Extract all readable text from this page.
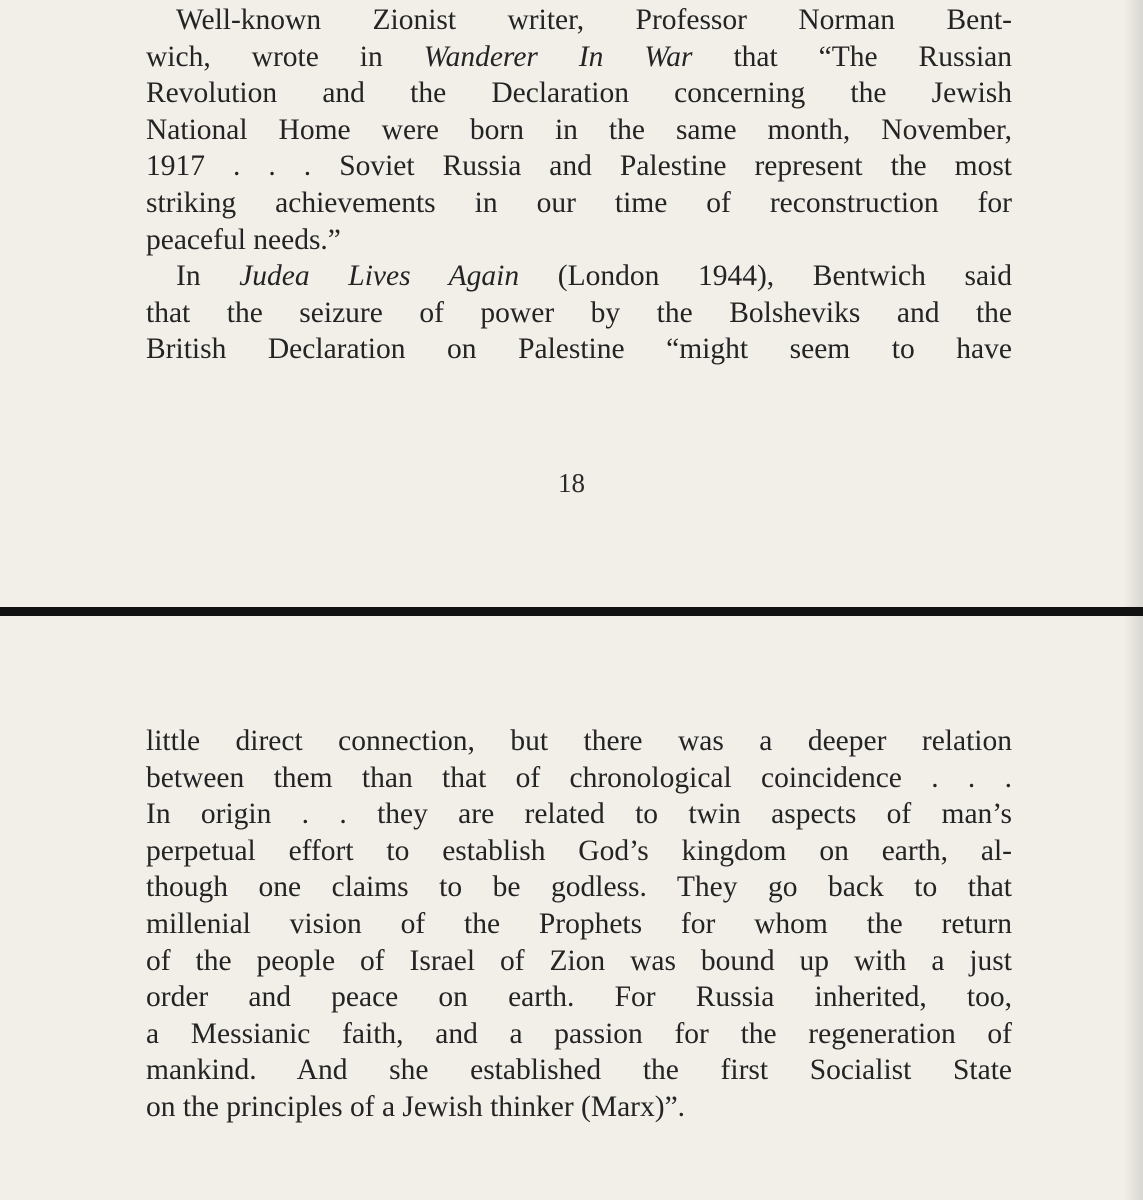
Well-known Zionist writer, Professor Norman Bent-
wich, wrote in Wanderer In War that “The Russian
Revolution and the Declaration concerning the Jewish
National Home were born in the same month, November,
1917 . . . Soviet Russia and Palestine represent the most
striking achievements in our time of reconstruction for
peaceful needs.”
In Judea Lives Again (London 1944), Bentwich said
that the seizure of power by the Bolsheviks and the
British Declaration on Palestine “might seem to have
18
little direct connection, but there was a deeper relation
between them than that of chronological coincidence . . .
In origin . . they are related to twin aspects of man’s
perpetual effort to establish God’s kingdom on earth, al-
though one claims to be godless. They go back to that
millenial vision of the Prophets for whom the return
of the people of Israel of Zion was bound up with a just
order and peace on earth. For Russia inherited, too,
a Messianic faith, and a passion for the regeneration of
mankind. And she established the first Socialist State
on the principles of a Jewish thinker (Marx)”.
